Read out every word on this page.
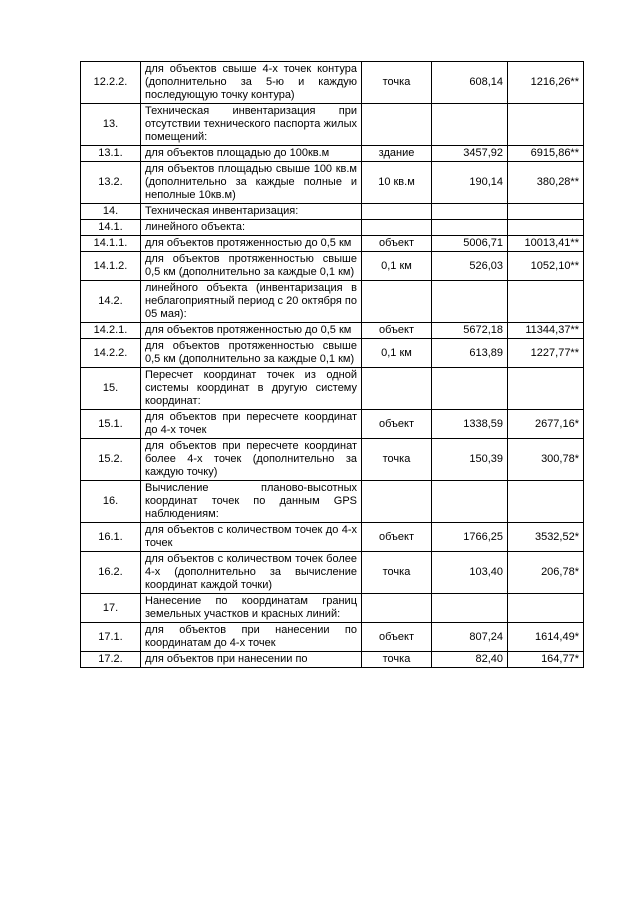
12.2.2.	для объектов свыше 4-х точек контура (дополнительно за 5-ю и каждую последующую точку контура)	точка	608,14	1216,26**
13.	Техническая инвентаризация при отсутствии технического паспорта жилых помещений:			
13.1.	для объектов площадью до 100кв.м	здание	3457,92	6915,86**
13.2.	для объектов площадью свыше 100 кв.м (дополнительно за каждые полные и неполные 10кв.м)	10 кв.м	190,14	380,28**
14.	Техническая инвентаризация:			
14.1.	линейного объекта:			
14.1.1.	для объектов протяженностью до 0,5 км	объект	5006,71	10013,41**
14.1.2.	для объектов протяженностью свыше 0,5 км (дополнительно за каждые 0,1 км)	0,1 км	526,03	1052,10**
14.2.	линейного объекта (инвентаризация в неблагоприятный период с 20 октября по 05 мая):			
14.2.1.	для объектов протяженностью до 0,5 км	объект	5672,18	11344,37**
14.2.2.	для объектов протяженностью свыше 0,5 км (дополнительно за каждые 0,1 км)	0,1 км	613,89	1227,77**
15.	Пересчет координат точек из одной системы координат в другую систему координат:			
15.1.	для объектов при пересчете координат до 4-х точек	объект	1338,59	2677,16*
15.2.	для объектов при пересчете координат более 4-х точек (дополнительно за каждую точку)	точка	150,39	300,78*
16.	Вычисление планово-высотных координат точек по данным GPS наблюдениям:			
16.1.	для объектов с количеством точек до 4-х точек	объект	1766,25	3532,52*
16.2.	для объектов с количеством точек более 4-х (дополнительно за вычисление координат каждой точки)	точка	103,40	206,78*
17.	Нанесение по координатам границ земельных участков и красных линий:			
17.1.	для объектов при нанесении по координатам до 4-х точек	объект	807,24	1614,49*
17.2.	для объектов при нанесении по	точка	82,40	164,77*
